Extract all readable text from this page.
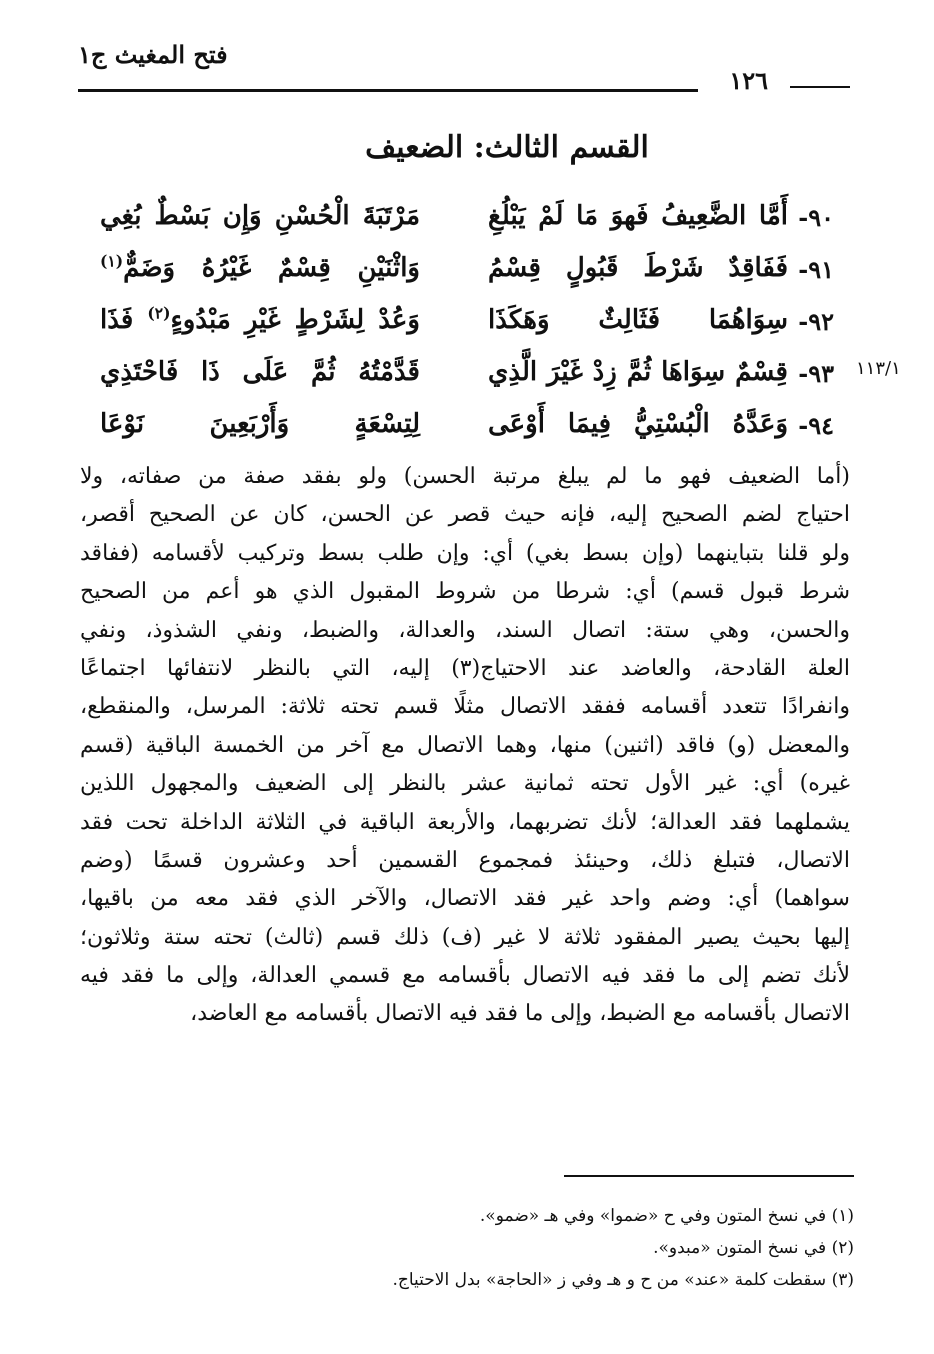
فتح المغيث ج١
١٢٦
القسم الثالث: الضعيف
١١٣/١
٩٠-
أَمَّا الضَّعِيفُ فَهوَ مَا لَمْ يَبْلُغِ
مَرْتَبَةَ الْحُسْنِ وَإِن بَسْطٌ بُغِي
٩١-
فَفَاقِدٌ شَرْطَ قَبُولٍ قِسْمُ
وَاثْنَيْنِ قِسْمٌ غَيْرُهُ وَضَمٌّ$^{(١)}$
٩٢-
سِوَاهُمَا فَثَالِثٌ وَهَكَذَا
وَعُدْ لِشَرْطٍ غَيْرِ مَبْدُوءٍ$^{(٢)}$ فَذَا
٩٣-
قِسْمٌ سِوَاهَا ثُمَّ زِدْ غَيْرَ الَّذِي
قَدَّمْتُهُ ثُمَّ عَلَى ذَا فَاحْتَذِي
٩٤-
وَعَدَّهُ الْبُسْتِيُّ فِيمَا أَوْعَى
لِتِسْعَةٍ وَأَرْبَعِينَ نَوْعَا

(أما الضعيف فهو ما لم يبلغ مرتبة الحسن) ولو بفقد صفة من صفاته، ولا
احتياج لضم الصحيح إليه، فإنه حيث قصر عن الحسن، كان عن الصحيح أقصر،
ولو قلنا بتباينهما (وإن بسط بغي) أي: وإن طلب بسط وتركيب لأقسامه (ففاقد
شرط قبول قسم) أي: شرطا من شروط المقبول الذي هو أعم من الصحيح
والحسن، وهي ستة: اتصال السند، والعدالة، والضبط، ونفي الشذوذ، ونفي
العلة القادحة، والعاضد عند الاحتياج(٣) إليه، التي بالنظر لانتفائها اجتماعًا
وانفرادًا تتعدد أقسامه ففقد الاتصال مثلًا قسم تحته ثلاثة: المرسل، والمنقطع،
والمعضل (و) فاقد (اثنين) منها، وهما الاتصال مع آخر من الخمسة الباقية (قسم
غيره) أي: غير الأول تحته ثمانية عشر بالنظر إلى الضعيف والمجهول اللذين
يشملهما فقد العدالة؛ لأنك تضربهما، والأربعة الباقية في الثلاثة الداخلة تحت فقد
الاتصال، فتبلغ ذلك، وحينئذ فمجموع القسمين أحد وعشرون قسمًا (وضم
سواهما) أي: وضم واحد غير فقد الاتصال، والآخر الذي فقد معه من باقيها،
إليها بحيث يصير المفقود ثلاثة لا غير (ف) ذلك قسم (ثالث) تحته ستة وثلاثون؛
لأنك تضم إلى ما فقد فيه الاتصال بأقسامه مع قسمي العدالة، وإلى ما فقد فيه
الاتصال بأقسامه مع الضبط، وإلى ما فقد فيه الاتصال بأقسامه مع العاضد،

(١) في نسخ المتون وفي ح «ضموا» وفي هـ «ضمو».
(٢) في نسخ المتون «مبدو».
(٣) سقطت كلمة «عند» من ح و هـ وفي ز «الحاجة» بدل الاحتياج.
